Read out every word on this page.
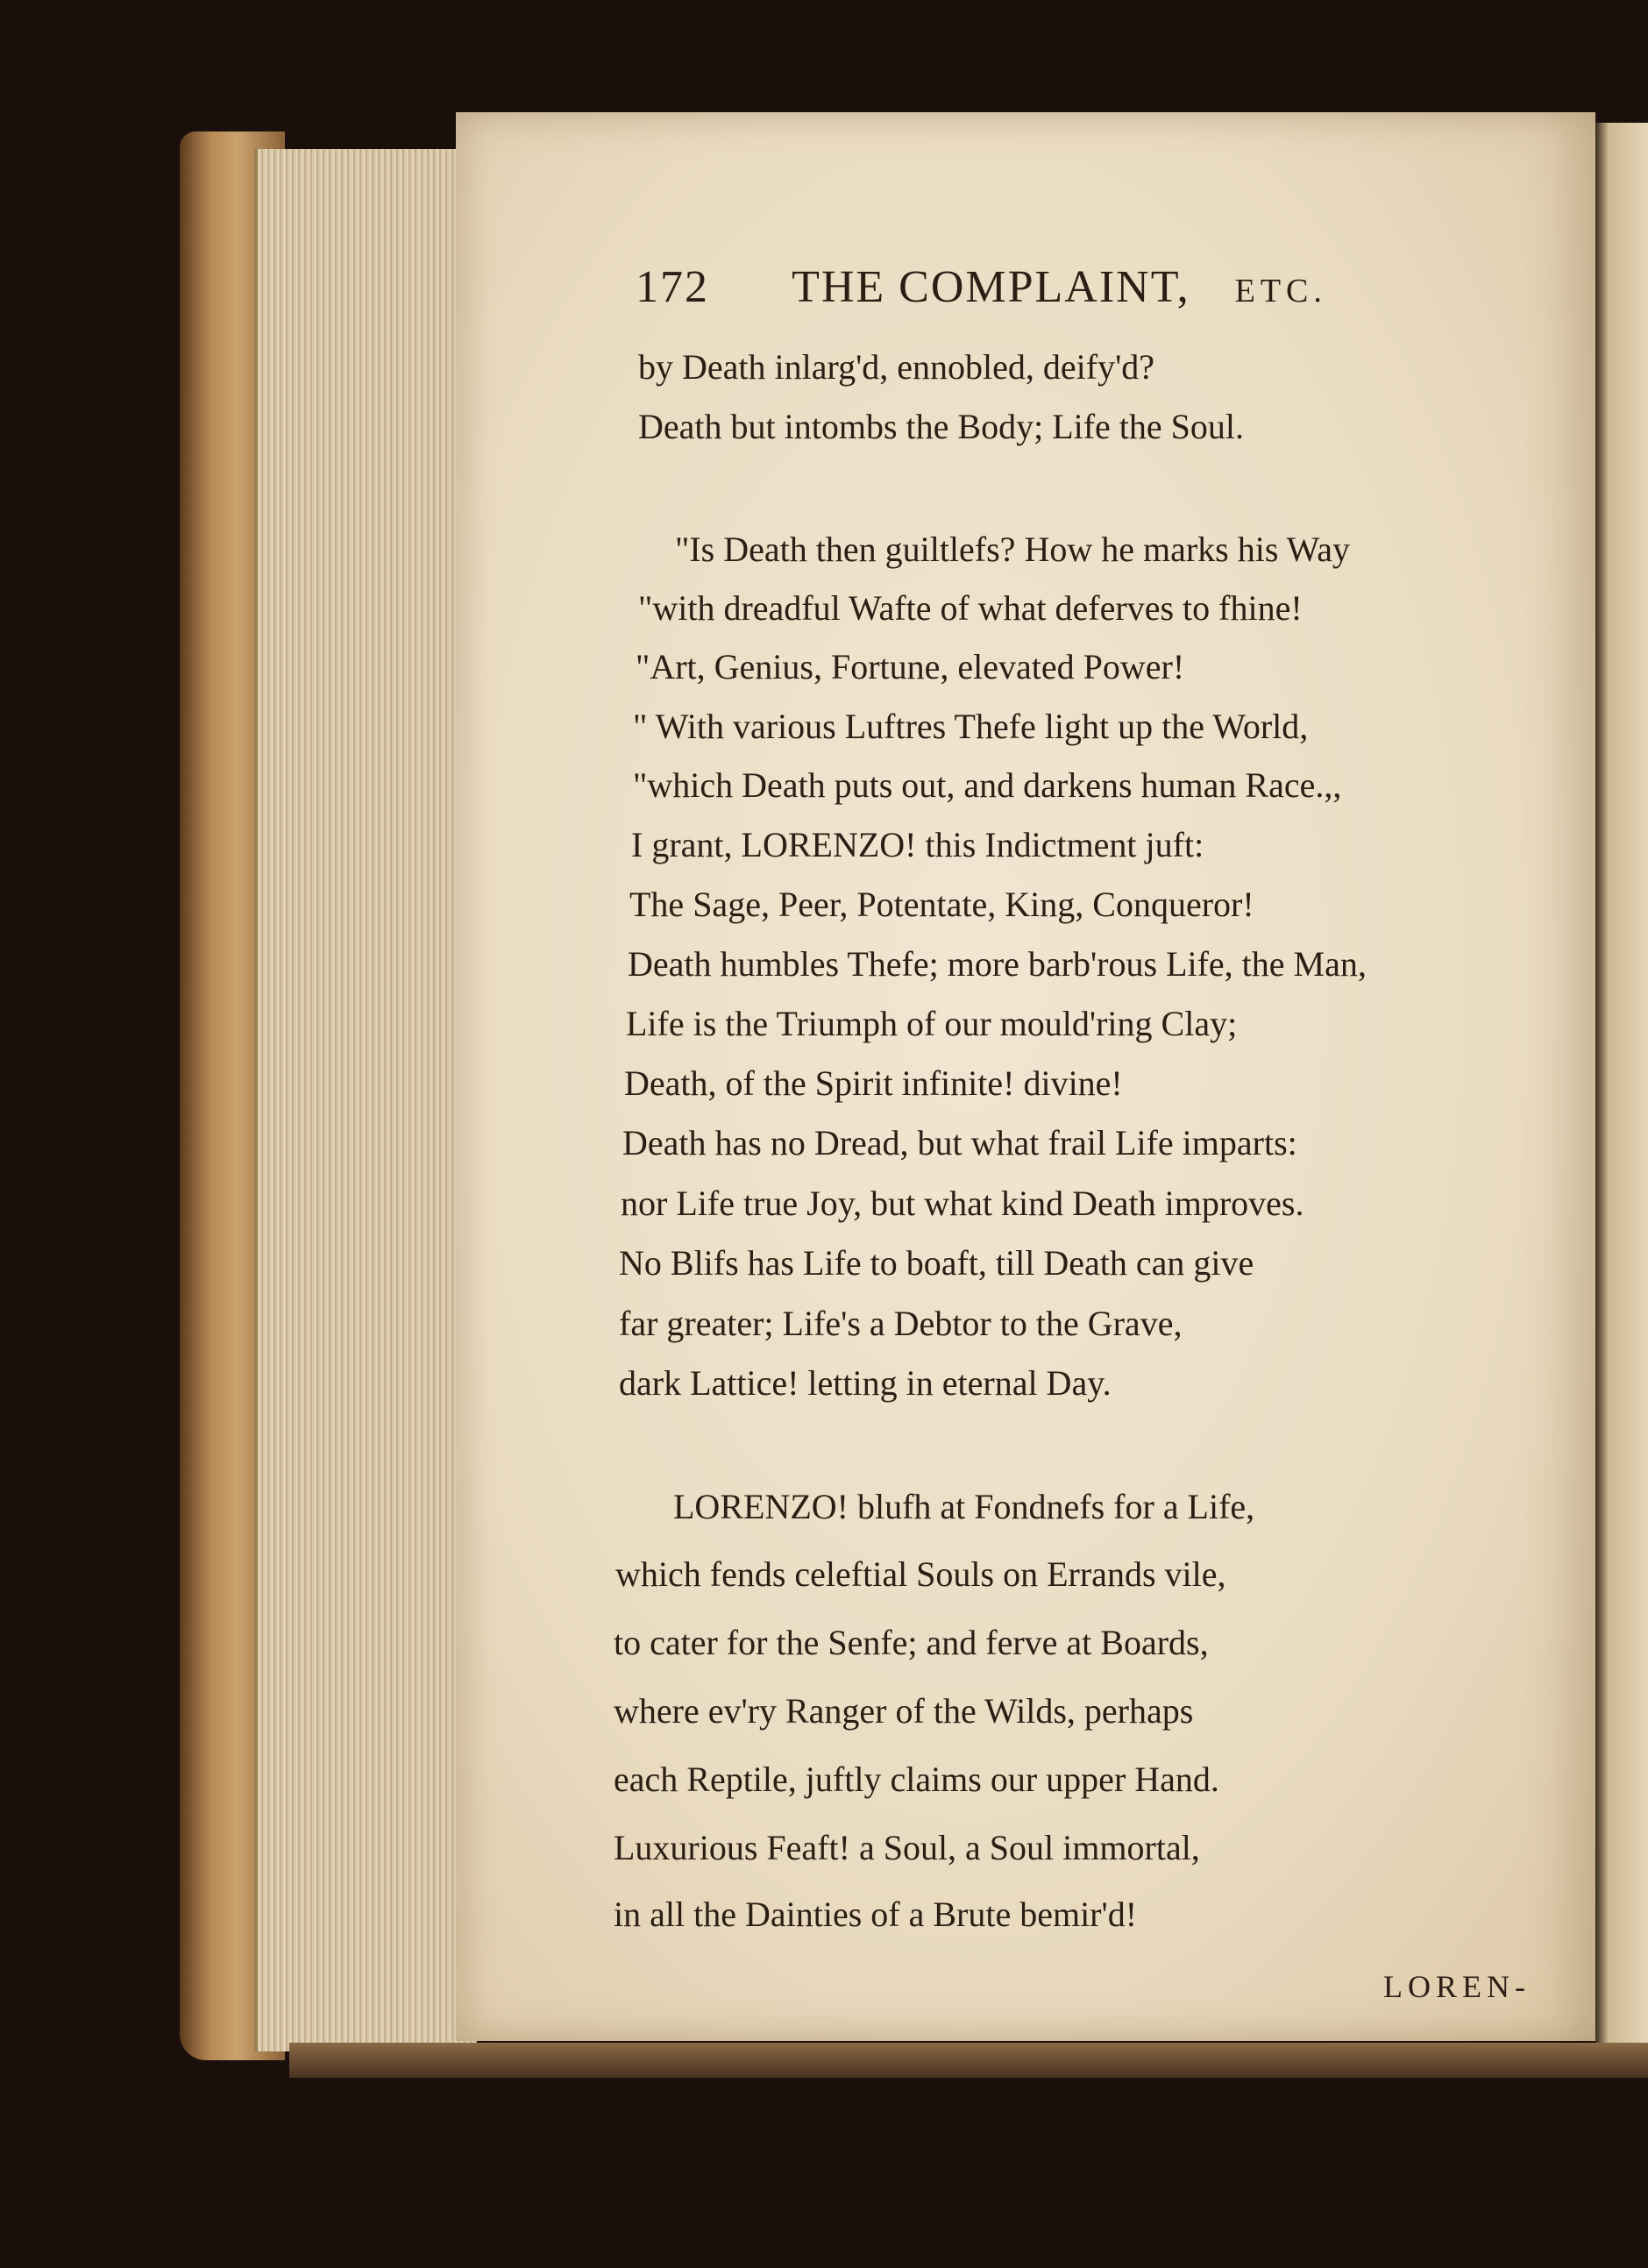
172 THE COMPLAINT, ETC.
by Death inlarg'd, ennobled, deify'd?
Death but intombs the Body; Life the Soul.
"Is Death then guiltlefs? How he marks his Way
"with dreadful Wafte of what deferves to fhine!
"Art, Genius, Fortune, elevated Power!
" With various Luftres Thefe light up the World,
"which Death puts out, and darkens human Race.,,
I grant, LORENZO! this Indictment juft:
The Sage, Peer, Potentate, King, Conqueror!
Death humbles Thefe; more barb'rous Life, the Man,
Life is the Triumph of our mould'ring Clay;
Death, of the Spirit infinite! divine!
Death has no Dread, but what frail Life imparts:
nor Life true Joy, but what kind Death improves.
No Blifs has Life to boaft, till Death can give
far greater; Life's a Debtor to the Grave,
dark Lattice! letting in eternal Day.
LORENZO! blufh at Fondnefs for a Life,
which fends celeftial Souls on Errands vile,
to cater for the Senfe; and ferve at Boards,
where ev'ry Ranger of the Wilds, perhaps
each Reptile, juftly claims our upper Hand.
Luxurious Feaft! a Soul, a Soul immortal,
in all the Dainties of a Brute bemir'd!
LOREN-
